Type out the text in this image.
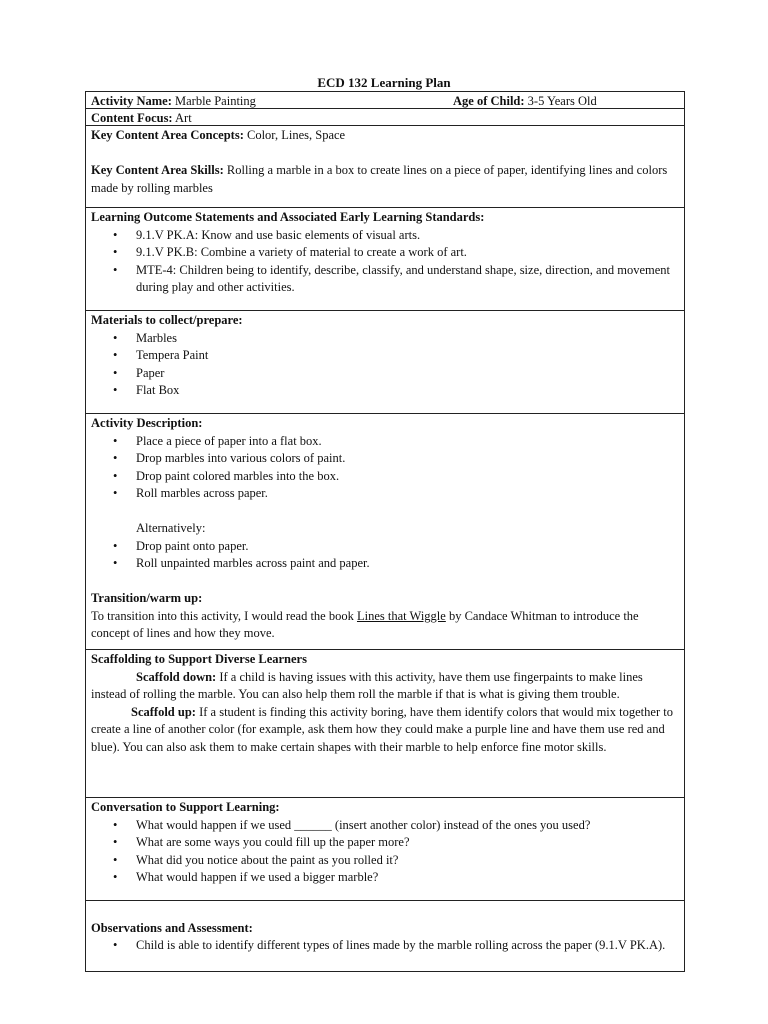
ECD 132 Learning Plan
Activity Name: Marble Painting	Age of Child: 3-5 Years Old
Content Focus: Art
Key Content Area Concepts: Color, Lines, Space
Key Content Area Skills: Rolling a marble in a box to create lines on a piece of paper, identifying lines and colors made by rolling marbles
Learning Outcome Statements and Associated Early Learning Standards:
• 9.1.V PK.A: Know and use basic elements of visual arts.
• 9.1.V PK.B: Combine a variety of material to create a work of art.
• MTE-4: Children being to identify, describe, classify, and understand shape, size, direction, and movement during play and other activities.
Materials to collect/prepare:
• Marbles
• Tempera Paint
• Paper
• Flat Box
Activity Description:
• Place a piece of paper into a flat box.
• Drop marbles into various colors of paint.
• Drop paint colored marbles into the box.
• Roll marbles across paper.
Alternatively:
• Drop paint onto paper.
• Roll unpainted marbles across paint and paper.
Transition/warm up:
To transition into this activity, I would read the book Lines that Wiggle by Candace Whitman to introduce the concept of lines and how they move.
Scaffolding to Support Diverse Learners
Scaffold down: If a child is having issues with this activity, have them use fingerpaints to make lines instead of rolling the marble. You can also help them roll the marble if that is what is giving them trouble.
Scaffold up: If a student is finding this activity boring, have them identify colors that would mix together to create a line of another color (for example, ask them how they could make a purple line and have them use red and blue). You can also ask them to make certain shapes with their marble to help enforce fine motor skills.
Conversation to Support Learning:
• What would happen if we used ______ (insert another color) instead of the ones you used?
• What are some ways you could fill up the paper more?
• What did you notice about the paint as you rolled it?
• What would happen if we used a bigger marble?
Observations and Assessment:
• Child is able to identify different types of lines made by the marble rolling across the paper (9.1.V PK.A).
